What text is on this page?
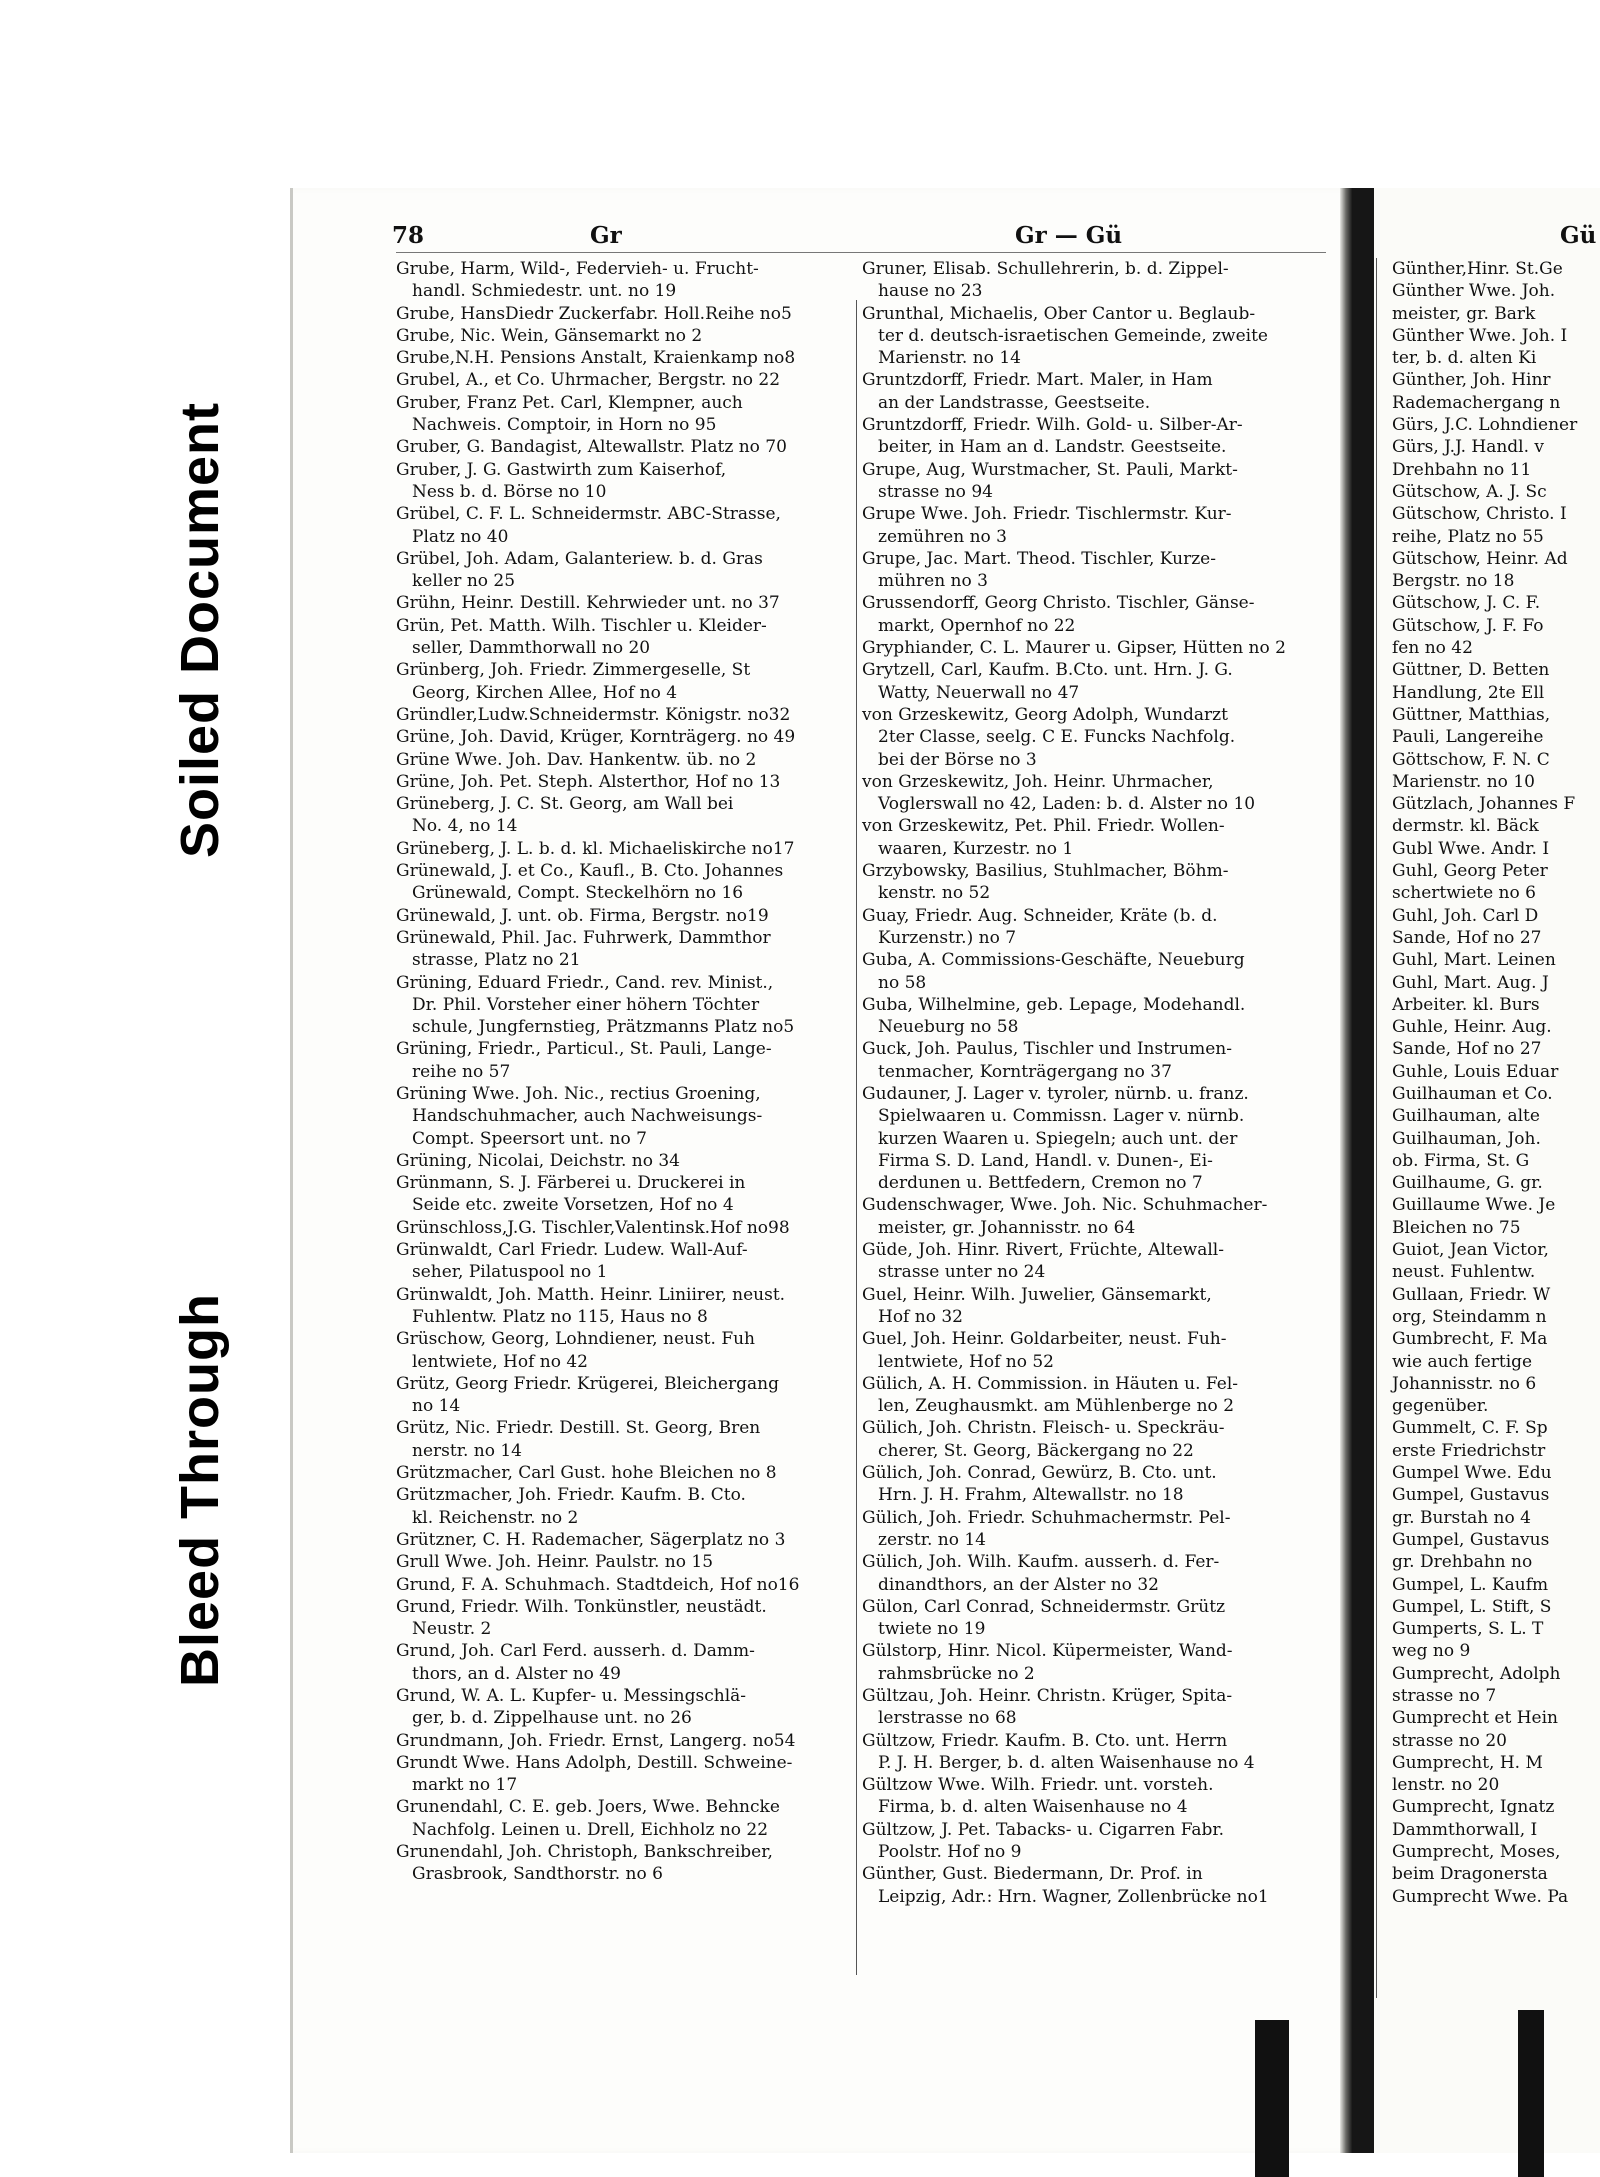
Soiled Document
Bleed Through
78	Gr	Gr — Gü	Gü
Grube, Harm, Wild-, Federvieh- u. Frucht-
handl. Schmiedestr. unt. no 19
Grube, HansDiedr Zuckerfabr. Holl.Reihe no5
Grube, Nic. Wein, Gänsemarkt no 2
Grube,N.H. Pensions Anstalt, Kraienkamp no8
Grubel, A., et Co. Uhrmacher, Bergstr. no 22
Gruber, Franz Pet. Carl, Klempner, auch
Nachweis. Comptoir, in Horn no 95
Gruber, G. Bandagist, Altewallstr. Platz no 70
Gruber, J. G. Gastwirth zum Kaiserhof,
Ness b. d. Börse no 10
Grübel, C. F. L. Schneidermstr. ABC-Strasse,
Platz no 40
Grübel, Joh. Adam, Galanteriew. b. d. Gras
keller no 25
Grühn, Heinr. Destill. Kehrwieder unt. no 37
Grün, Pet. Matth. Wilh. Tischler u. Kleider-
seller, Dammthorwall no 20
Grünberg, Joh. Friedr. Zimmergeselle, St
Georg, Kirchen Allee, Hof no 4
Gründler,Ludw.Schneidermstr. Königstr. no32
Grüne, Joh. David, Krüger, Kornträgerg. no 49
Grüne Wwe. Joh. Dav. Hankentw. üb. no 2
Grüne, Joh. Pet. Steph. Alsterthor, Hof no 13
Grüneberg, J. C. St. Georg, am Wall bei
No. 4, no 14
Grüneberg, J. L. b. d. kl. Michaeliskirche no17
Grünewald, J. et Co., Kaufl., B. Cto. Johannes
Grünewald, Compt. Steckelhörn no 16
Grünewald, J. unt. ob. Firma, Bergstr. no19
Grünewald, Phil. Jac. Fuhrwerk, Dammthor
strasse, Platz no 21
Grüning, Eduard Friedr., Cand. rev. Minist.,
Dr. Phil. Vorsteher einer höhern Töchter
schule, Jungfernstieg, Prätzmanns Platz no5
Grüning, Friedr., Particul., St. Pauli, Lange-
reihe no 57
Grüning Wwe. Joh. Nic., rectius Groening,
Handschuhmacher, auch Nachweisungs-
Compt. Speersort unt. no 7
Grüning, Nicolai, Deichstr. no 34
Grünmann, S. J. Färberei u. Druckerei in
Seide etc. zweite Vorsetzen, Hof no 4
Grünschloss,J.G. Tischler,Valentinsk.Hof no98
Grünwaldt, Carl Friedr. Ludew. Wall-Auf-
seher, Pilatuspool no 1
Grünwaldt, Joh. Matth. Heinr. Liniirer, neust.
Fuhlentw. Platz no 115, Haus no 8
Grüschow, Georg, Lohndiener, neust. Fuh
lentwiete, Hof no 42
Grütz, Georg Friedr. Krügerei, Bleichergang
no 14
Grütz, Nic. Friedr. Destill. St. Georg, Bren
nerstr. no 14
Grützmacher, Carl Gust. hohe Bleichen no 8
Grützmacher, Joh. Friedr. Kaufm. B. Cto.
kl. Reichenstr. no 2
Grützner, C. H. Rademacher, Sägerplatz no 3
Grull Wwe. Joh. Heinr. Paulstr. no 15
Grund, F. A. Schuhmach. Stadtdeich, Hof no16
Grund, Friedr. Wilh. Tonkünstler, neustädt.
Neustr. 2
Grund, Joh. Carl Ferd. ausserh. d. Damm-
thors, an d. Alster no 49
Grund, W. A. L. Kupfer- u. Messingschlä-
ger, b. d. Zippelhause unt. no 26
Grundmann, Joh. Friedr. Ernst, Langerg. no54
Grundt Wwe. Hans Adolph, Destill. Schweine-
markt no 17
Grunendahl, C. E. geb. Joers, Wwe. Behncke
Nachfolg. Leinen u. Drell, Eichholz no 22
Grunendahl, Joh. Christoph, Bankschreiber,
Grasbrook, Sandthorstr. no 6
Gruner, Elisab. Schullehrerin, b. d. Zippel-
hause no 23
Grunthal, Michaelis, Ober Cantor u. Beglaub-
ter d. deutsch-israetischen Gemeinde, zweite
Marienstr. no 14
Gruntzdorff, Friedr. Mart. Maler, in Ham
an der Landstrasse, Geestseite.
Gruntzdorff, Friedr. Wilh. Gold- u. Silber-Ar-
beiter, in Ham an d. Landstr. Geestseite.
Grupe, Aug, Wurstmacher, St. Pauli, Markt-
strasse no 94
Grupe Wwe. Joh. Friedr. Tischlermstr. Kur-
zemühren no 3
Grupe, Jac. Mart. Theod. Tischler, Kurze-
mühren no 3
Grussendorff, Georg Christo. Tischler, Gänse-
markt, Opernhof no 22
Gryphiander, C. L. Maurer u. Gipser, Hütten no 2
Grytzell, Carl, Kaufm. B.Cto. unt. Hrn. J. G.
Watty, Neuerwall no 47
von Grzeskewitz, Georg Adolph, Wundarzt
2ter Classe, seelg. C E. Funcks Nachfolg.
bei der Börse no 3
von Grzeskewitz, Joh. Heinr. Uhrmacher,
Voglerswall no 42, Laden: b. d. Alster no 10
von Grzeskewitz, Pet. Phil. Friedr. Wollen-
waaren, Kurzestr. no 1
Grzybowsky, Basilius, Stuhlmacher, Böhm-
kenstr. no 52
Guay, Friedr. Aug. Schneider, Kräte (b. d.
Kurzenstr.) no 7
Guba, A. Commissions-Geschäfte, Neueburg
no 58
Guba, Wilhelmine, geb. Lepage, Modehandl.
Neueburg no 58
Guck, Joh. Paulus, Tischler und Instrumen-
tenmacher, Kornträgergang no 37
Gudauner, J. Lager v. tyroler, nürnb. u. franz.
Spielwaaren u. Commissn. Lager v. nürnb.
kurzen Waaren u. Spiegeln; auch unt. der
Firma S. D. Land, Handl. v. Dunen-, Ei-
derdunen u. Bettfedern, Cremon no 7
Gudenschwager, Wwe. Joh. Nic. Schuhmacher-
meister, gr. Johannisstr. no 64
Güde, Joh. Hinr. Rivert, Früchte, Altewall-
strasse unter no 24
Guel, Heinr. Wilh. Juwelier, Gänsemarkt,
Hof no 32
Guel, Joh. Heinr. Goldarbeiter, neust. Fuh-
lentwiete, Hof no 52
Gülich, A. H. Commission. in Häuten u. Fel-
len, Zeughausmkt. am Mühlenberge no 2
Gülich, Joh. Christn. Fleisch- u. Speckräu-
cherer, St. Georg, Bäckergang no 22
Gülich, Joh. Conrad, Gewürz, B. Cto. unt.
Hrn. J. H. Frahm, Altewallstr. no 18
Gülich, Joh. Friedr. Schuhmachermstr. Pel-
zerstr. no 14
Gülich, Joh. Wilh. Kaufm. ausserh. d. Fer-
dinandthors, an der Alster no 32
Gülon, Carl Conrad, Schneidermstr. Grütz
twiete no 19
Gülstorp, Hinr. Nicol. Küpermeister, Wand-
rahmsbrücke no 2
Gültzau, Joh. Heinr. Christn. Krüger, Spita-
lerstrasse no 68
Gültzow, Friedr. Kaufm. B. Cto. unt. Herrn
P. J. H. Berger, b. d. alten Waisenhause no 4
Gültzow Wwe. Wilh. Friedr. unt. vorsteh.
Firma, b. d. alten Waisenhause no 4
Gültzow, J. Pet. Tabacks- u. Cigarren Fabr.
Poolstr. Hof no 9
Günther, Gust. Biedermann, Dr. Prof. in
Leipzig, Adr.: Hrn. Wagner, Zollenbrücke no1
Günther,Hinr. St.Ge
Günther Wwe. Joh.
meister, gr. Bark
Günther Wwe. Joh. I
ter, b. d. alten Ki
Günther, Joh. Hinr
Rademachergang n
Gürs, J.C. Lohndiener
Gürs, J.J. Handl. v
Drehbahn no 11
Gütschow, A. J. Sc
Gütschow, Christo. I
reihe, Platz no 55
Gütschow, Heinr. Ad
Bergstr. no 18
Gütschow, J. C. F.
Gütschow, J. F. Fo
fen no 42
Güttner, D. Betten
Handlung, 2te Ell
Güttner, Matthias,
Pauli, Langereihe
Göttschow, F. N. C
Marienstr. no 10
Gützlach, Johannes F
dermstr. kl. Bäck
Gubl Wwe. Andr. I
Guhl, Georg Peter
schertwiete no 6
Guhl, Joh. Carl D
Sande, Hof no 27
Guhl, Mart. Leinen
Guhl, Mart. Aug. J
Arbeiter. kl. Burs
Guhle, Heinr. Aug.
Sande, Hof no 27
Guhle, Louis Eduar
Guilhauman et Co.
Guilhauman, alte
Guilhauman, Joh.
ob. Firma, St. G
Guilhaume, G. gr.
Guillaume Wwe. Je
Bleichen no 75
Guiot, Jean Victor,
neust. Fuhlentw.
Gullaan, Friedr. W
org, Steindamm n
Gumbrecht, F. Ma
wie auch fertige
Johannisstr. no 6
gegenüber.
Gummelt, C. F. Sp
erste Friedrichstr
Gumpel Wwe. Edu
Gumpel, Gustavus
gr. Burstah no 4
Gumpel, Gustavus
gr. Drehbahn no
Gumpel, L. Kaufm
Gumpel, L. Stift, S
Gumperts, S. L. T
weg no 9
Gumprecht, Adolph
strasse no 7
Gumprecht et Hein
strasse no 20
Gumprecht, H. M
lenstr. no 20
Gumprecht, Ignatz
Dammthorwall, I
Gumprecht, Moses,
beim Dragonersta
Gumprecht Wwe. Pa
